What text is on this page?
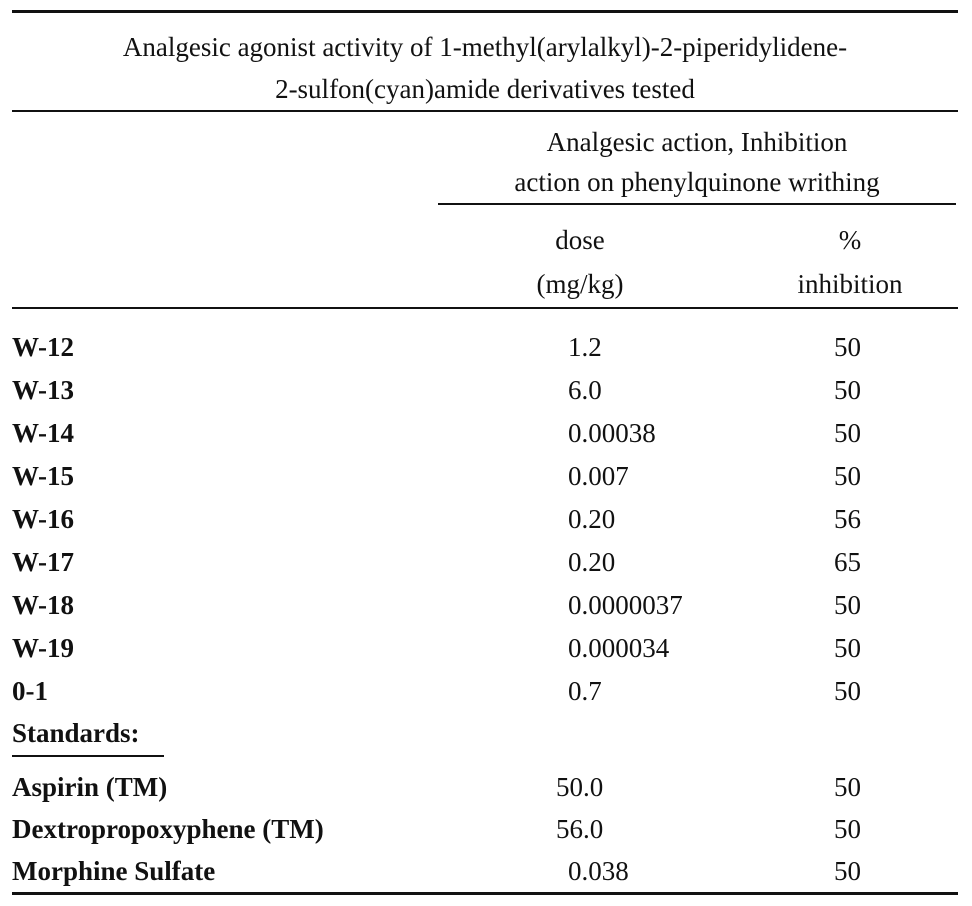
Analgesic agonist activity of 1-methyl(arylalkyl)-2-piperidylidene-
2-sulfon(cyan)amide derivatives tested
Analgesic action, Inhibition
action on phenylquinone writhing
dose
(mg/kg)
%
inhibition
W-12	1.2	50
W-13	6.0	50
W-14	0.00038	50
W-15	0.007	50
W-16	0.20	56
W-17	0.20	65
W-18	0.0000037	50
W-19	0.000034	50
0-1	0.7	50
Standards:
Aspirin (TM)	50.0	50
Dextropropoxyphene (TM)	56.0	50
Morphine Sulfate	0.038	50
